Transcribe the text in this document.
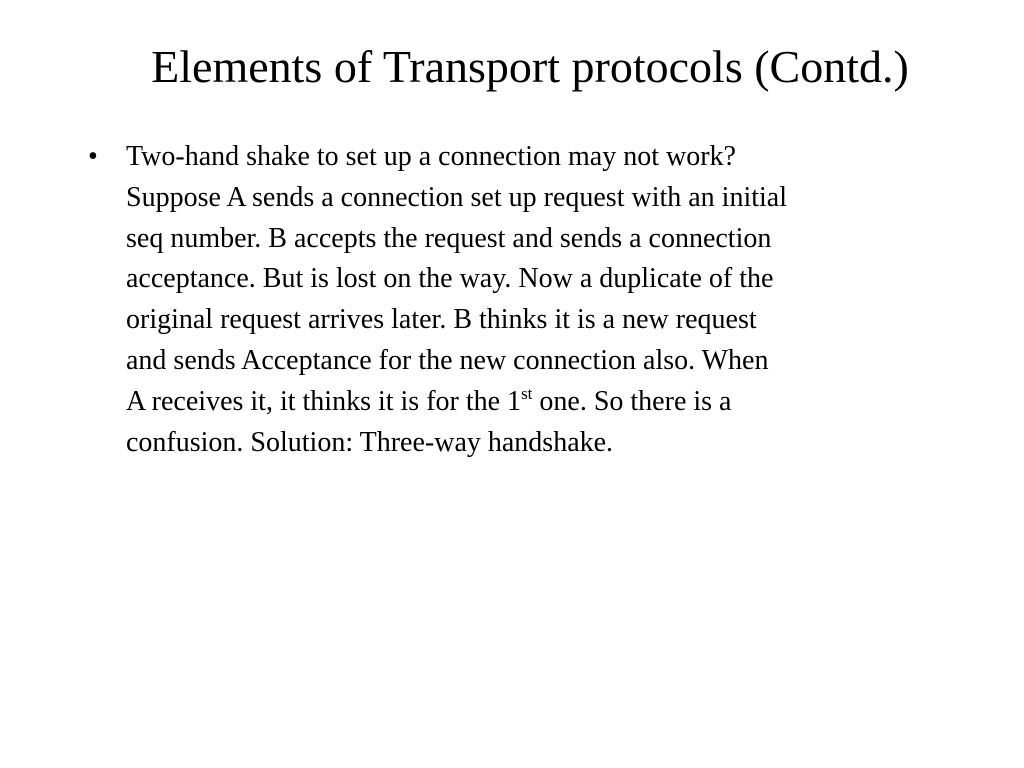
Elements of Transport protocols (Contd.)
• Two-hand shake to set up a connection may not work?
Suppose A sends a connection set up request with an initial
seq number. B accepts the request and sends a connection
acceptance. But is lost on the way. Now a duplicate of the
original request arrives later. B thinks it is a new request
and sends Acceptance for the new connection also. When
A receives it, it thinks it is for the 1st one. So there is a
confusion. Solution: Three-way handshake.
